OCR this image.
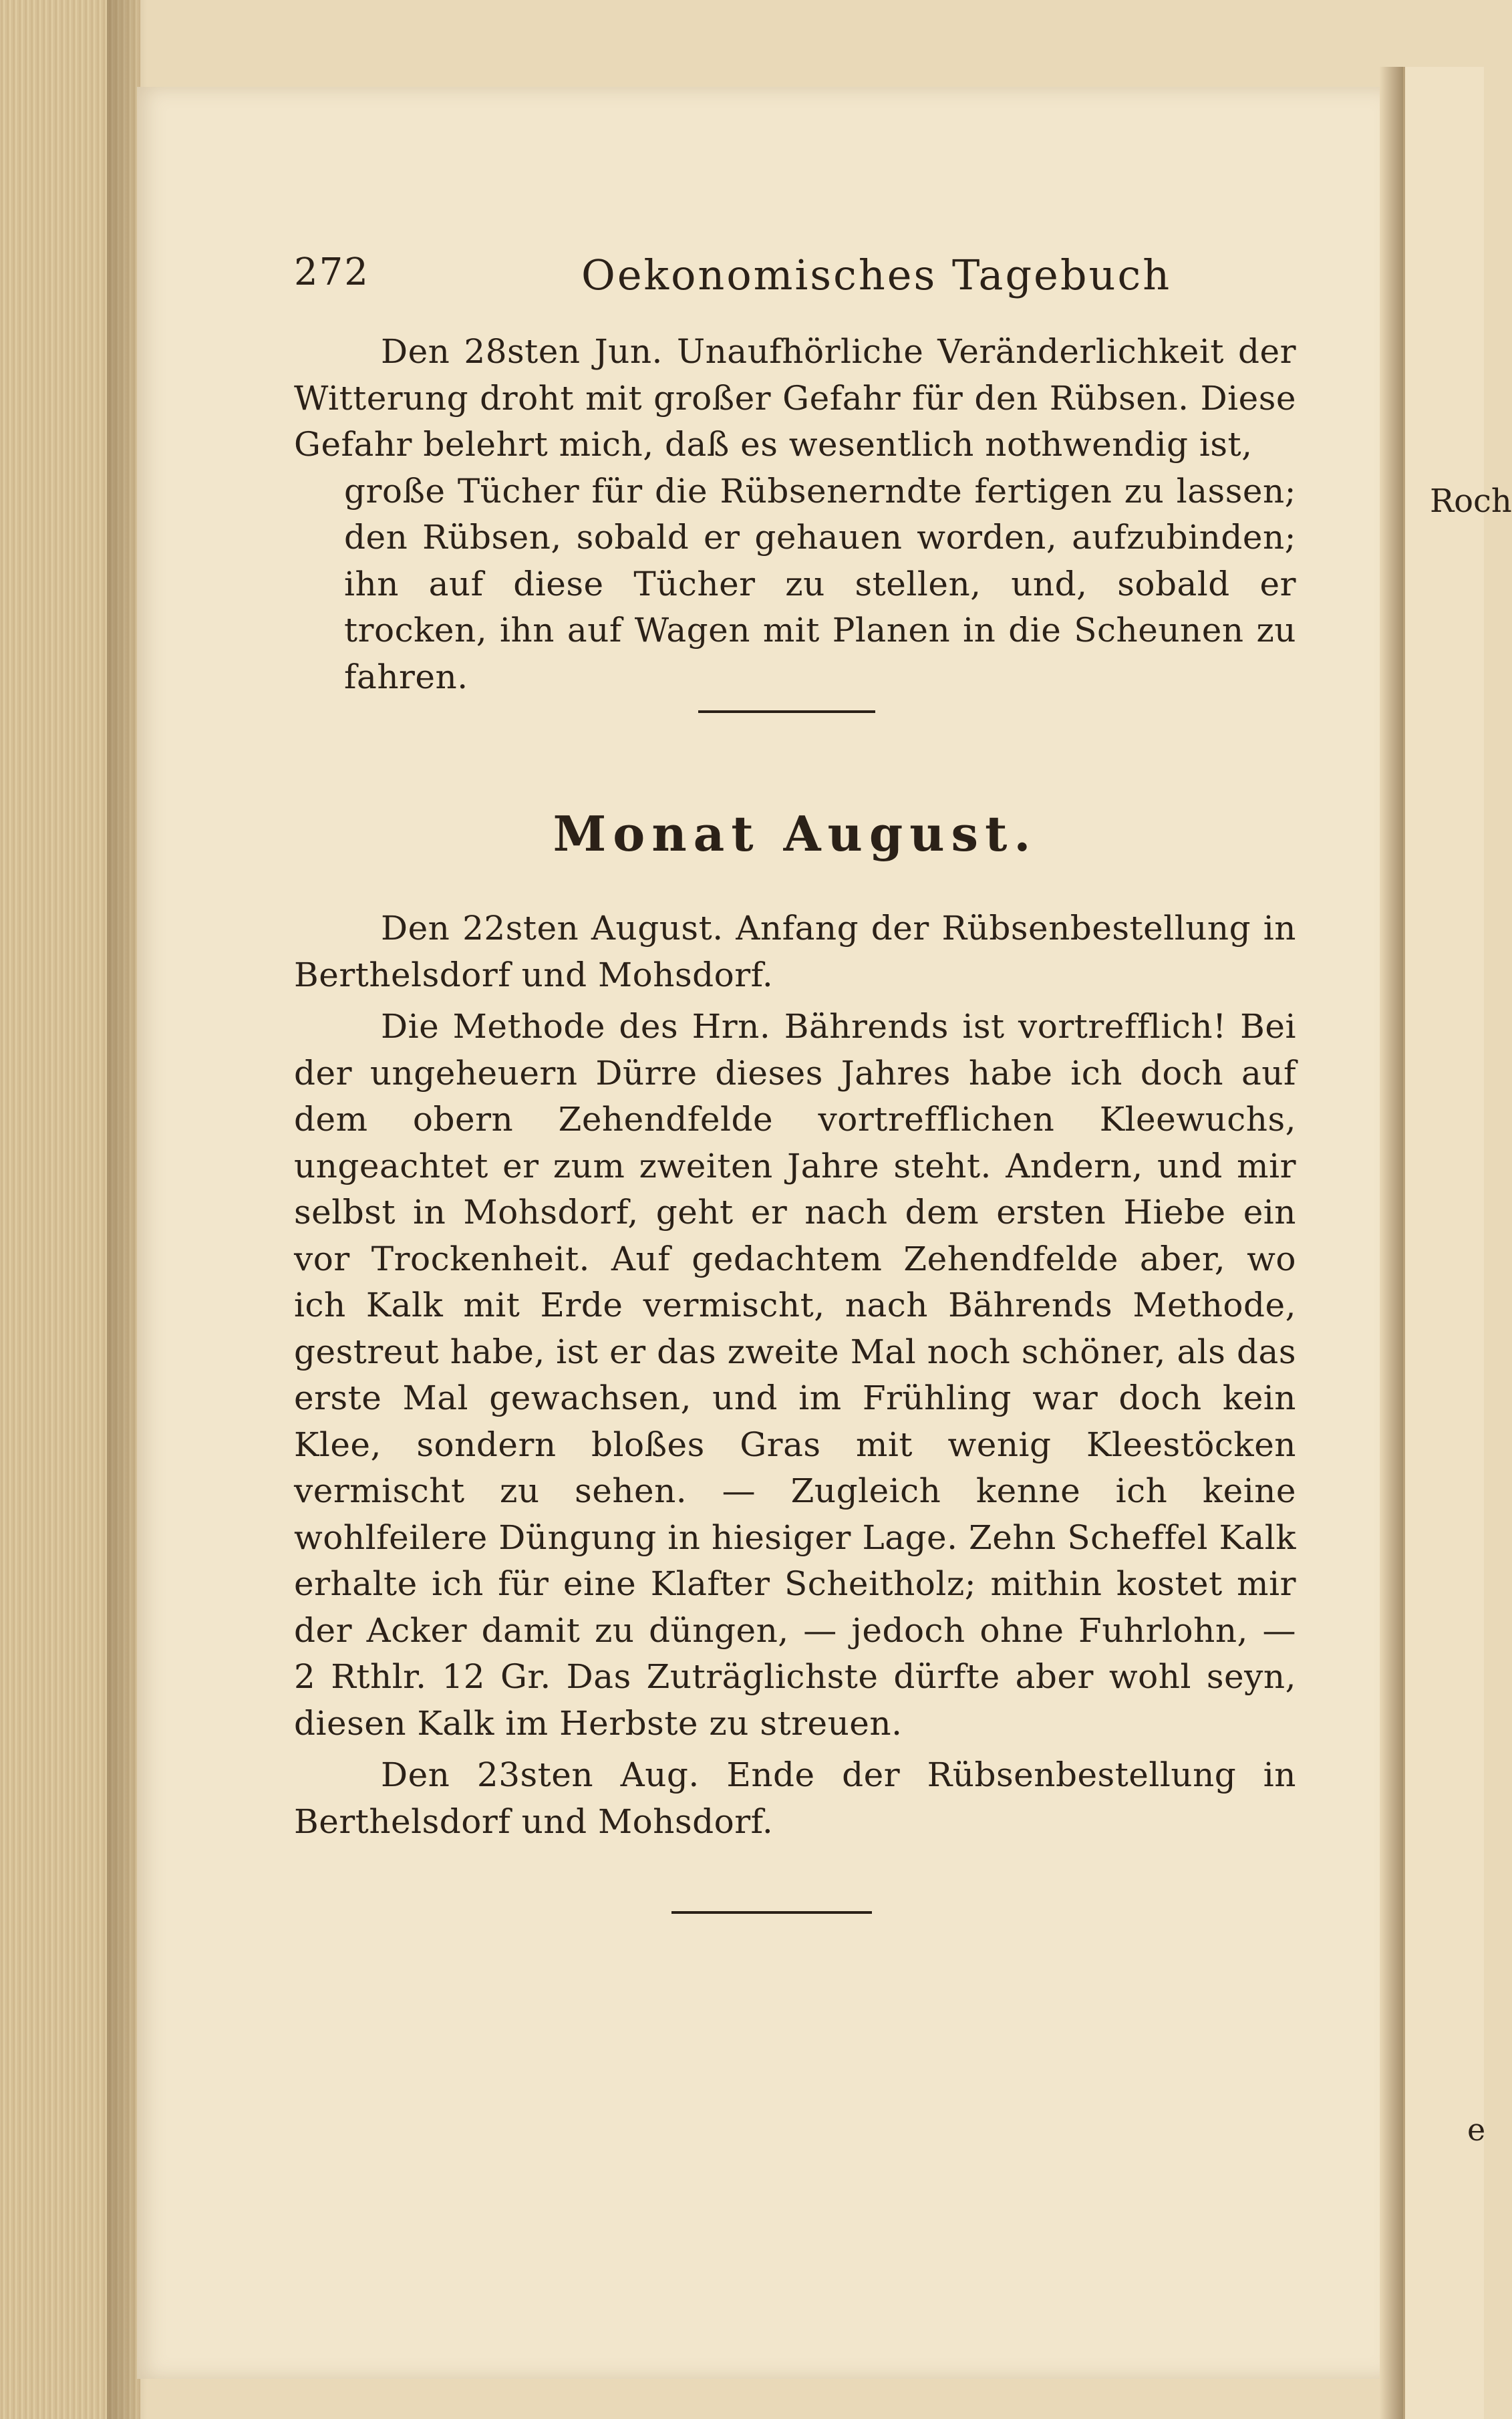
Roch
e
272	Oekonomisches Tagebuch
Den 28sten Jun. Unaufhörliche Veränderlichkeit der Witterung droht mit großer Gefahr für den Rübsen. Diese Gefahr belehrt mich, daß es wesentlich nothwendig ist,
große Tücher für die Rübsenerndte fertigen zu lassen; den Rübsen, sobald er gehauen worden, aufzubinden; ihn auf diese Tücher zu stellen, und, sobald er trocken, ihn auf Wagen mit Planen in die Scheunen zu fahren.
Monat August.

Den 22sten August. Anfang der Rübsenbestellung in Berthelsdorf und Mohsdorf.

Die Methode des Hrn. Bährends ist vortrefflich! Bei der ungeheuern Dürre dieses Jahres habe ich doch auf dem obern Zehendfelde vortrefflichen Kleewuchs, ungeachtet er zum zweiten Jahre steht. Andern, und mir selbst in Mohsdorf, geht er nach dem ersten Hiebe ein vor Trockenheit. Auf gedachtem Zehendfelde aber, wo ich Kalk mit Erde vermischt, nach Bährends Methode, gestreut habe, ist er das zweite Mal noch schöner, als das erste Mal gewachsen, und im Frühling war doch kein Klee, sondern bloßes Gras mit wenig Kleestöcken vermischt zu sehen. — Zugleich kenne ich keine wohlfeilere Düngung in hiesiger Lage. Zehn Scheffel Kalk erhalte ich für eine Klafter Scheitholz; mithin kostet mir der Acker damit zu düngen, — jedoch ohne Fuhrlohn, — 2 Rthlr. 12 Gr. Das Zuträglichste dürfte aber wohl seyn, diesen Kalk im Herbste zu streuen.

Den 23sten Aug. Ende der Rübsenbestellung in Berthelsdorf und Mohsdorf.
